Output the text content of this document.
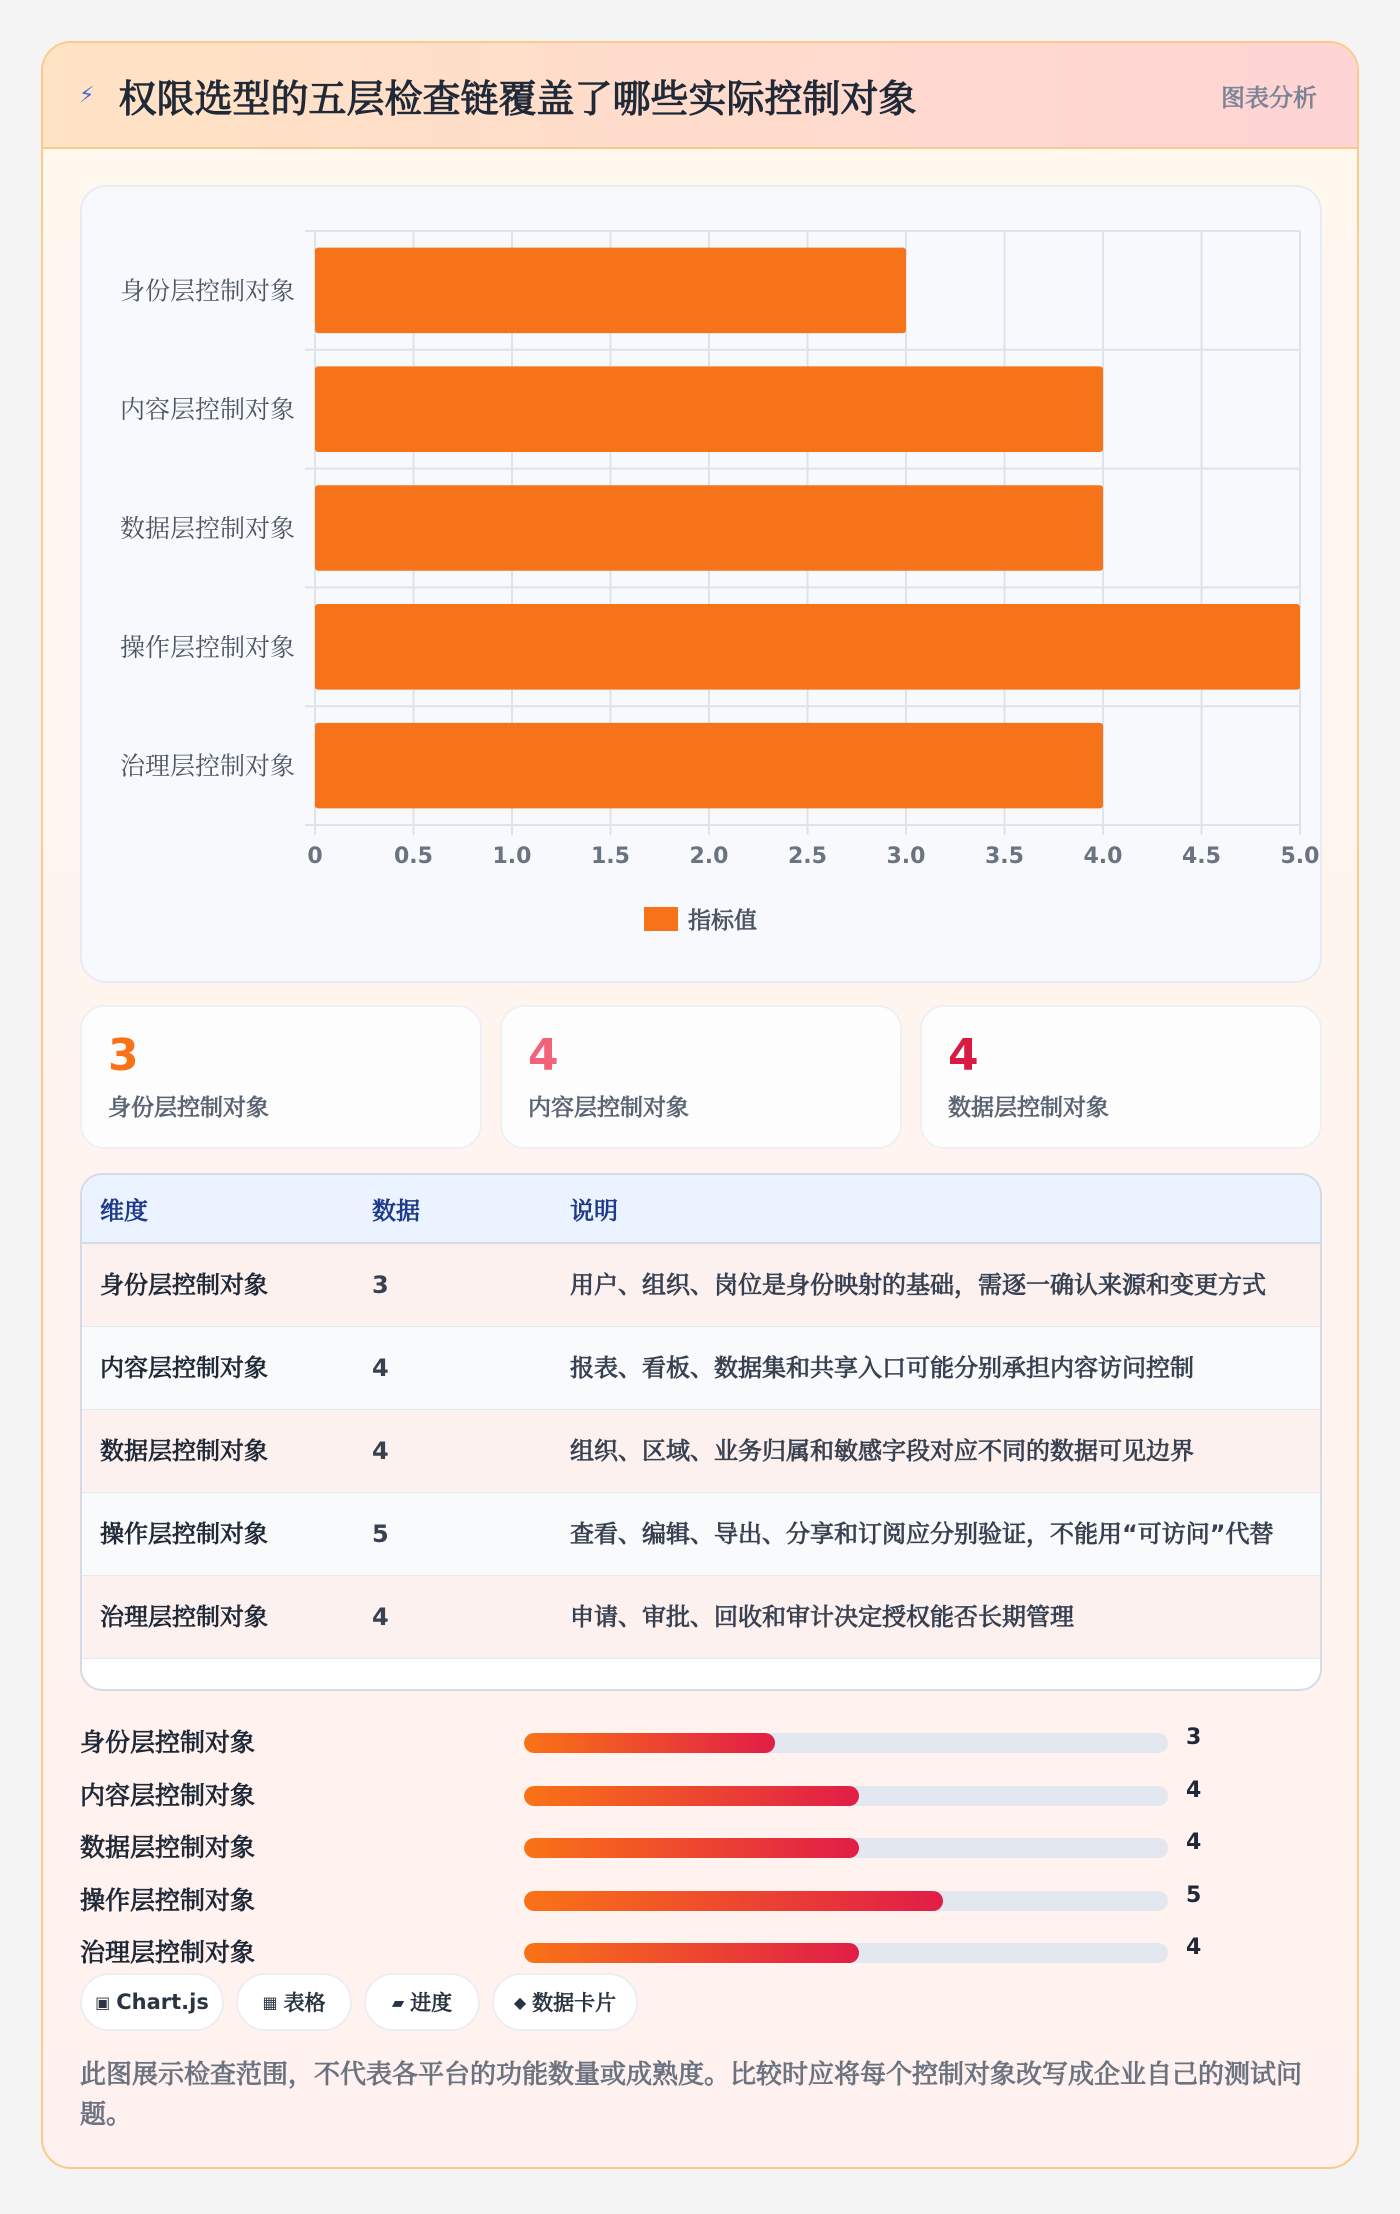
⚡ 权限选型的五层检查链覆盖了哪些实际控制对象	图表分析
0	0.5	1.0	1.5	2.0	2.5	3.0	3.5	4.0	4.5	5.0
身份层控制对象
内容层控制对象
数据层控制对象
操作层控制对象
治理层控制对象
指标值
3
身份层控制对象
4
内容层控制对象
4
数据层控制对象
维度	数据	说明
身份层控制对象	3	用户、组织、岗位是身份映射的基础，需逐一确认来源和变更方式
内容层控制对象	4	报表、看板、数据集和共享入口可能分别承担内容访问控制
数据层控制对象	4	组织、区域、业务归属和敏感字段对应不同的数据可见边界
操作层控制对象	5	查看、编辑、导出、分享和订阅应分别验证，不能用“可访问”代替
治理层控制对象	4	申请、审批、回收和审计决定授权能否长期管理
身份层控制对象	3
内容层控制对象	4
数据层控制对象	4
操作层控制对象	5
治理层控制对象	4
▣ Chart.js	▦ 表格	▰ 进度	◆ 数据卡片
此图展示检查范围，不代表各平台的功能数量或成熟度。比较时应将每个控制对象改写成企业自己的测试问题。
